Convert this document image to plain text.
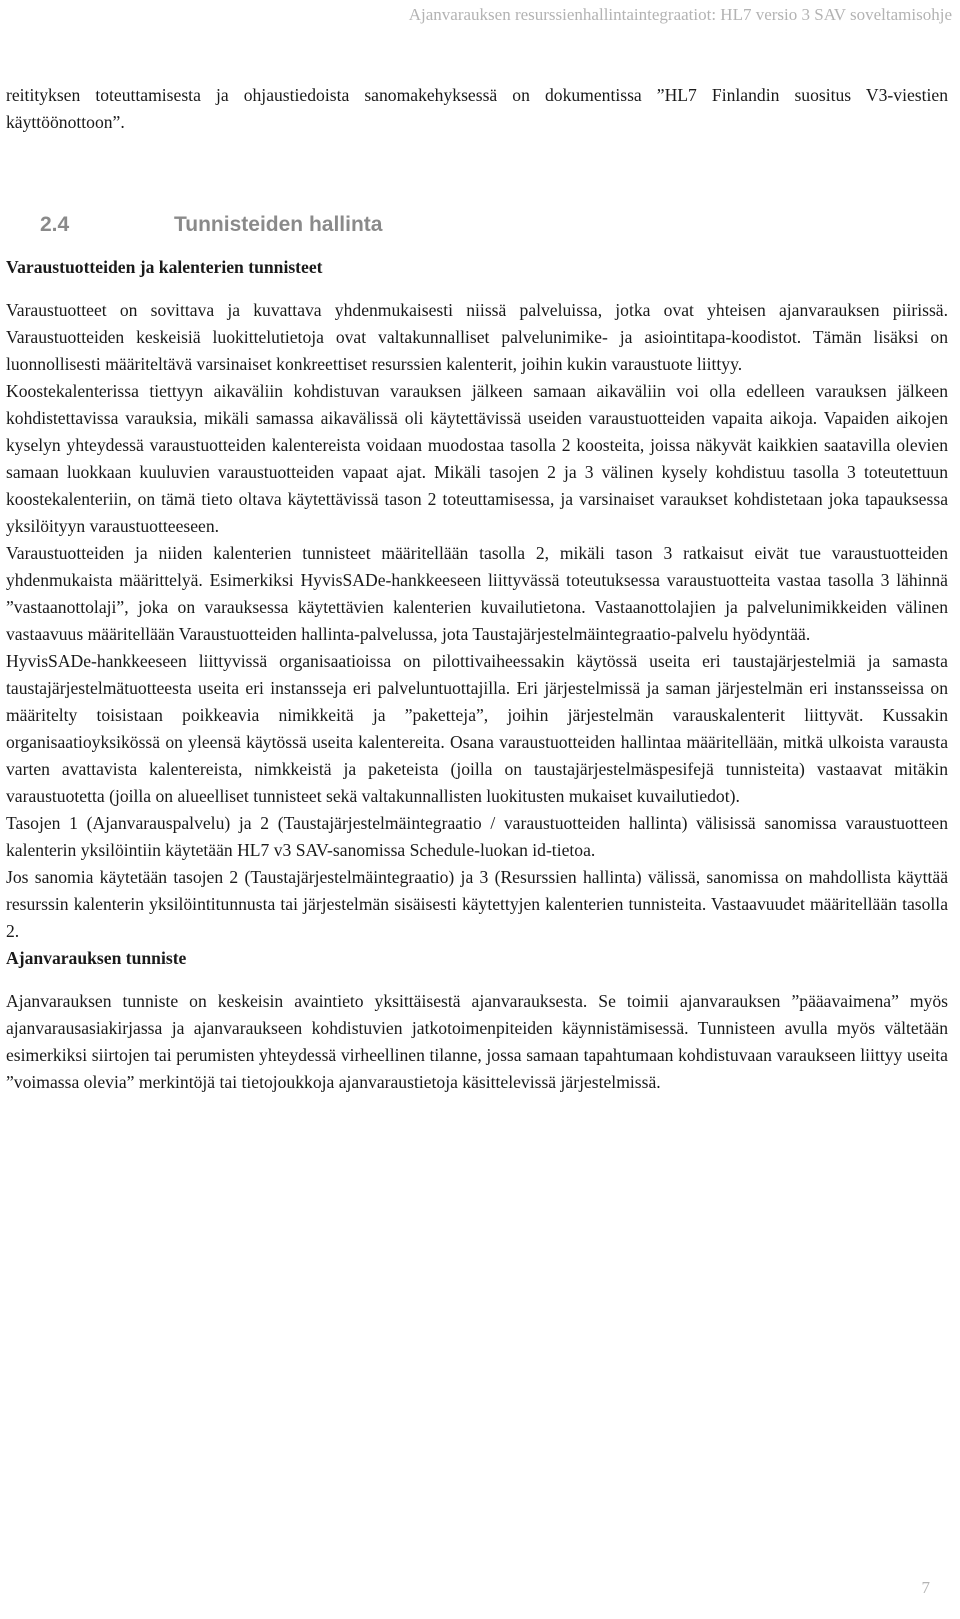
Ajanvarauksen resurssienhallintaintegraatiot: HL7 versio 3 SAV soveltamisohje

reitityksen toteuttamisesta ja ohjaustiedoista sanomakehyksessä on dokumentissa ”HL7 Finlandin suositus V3-viestien käyttöönottoon”.

2.4	Tunnisteiden hallinta
Varaustuotteiden ja kalenterien tunnisteet

Varaustuotteet on sovittava ja kuvattava yhdenmukaisesti niissä palveluissa, jotka ovat yhteisen ajanvarauksen piirissä. Varaustuotteiden keskeisiä luokittelutietoja ovat valtakunnalliset palvelunimike- ja asiointitapa-koodistot. Tämän lisäksi on luonnollisesti määriteltävä varsinaiset konkreettiset resurssien kalenterit, joihin kukin varaustuote liittyy.

Koostekalenterissa tiettyyn aikaväliin kohdistuvan varauksen jälkeen samaan aikaväliin voi olla edelleen varauksen jälkeen kohdistettavissa varauksia, mikäli samassa aikavälissä oli käytettävissä useiden varaustuotteiden vapaita aikoja. Vapaiden aikojen kyselyn yhteydessä varaustuotteiden kalentereista voidaan muodostaa tasolla 2 koosteita, joissa näkyvät kaikkien saatavilla olevien samaan luokkaan kuuluvien varaustuotteiden vapaat ajat. Mikäli tasojen 2 ja 3 välinen kysely kohdistuu tasolla 3 toteutettuun koostekalenteriin, on tämä tieto oltava käytettävissä tason 2 toteuttamisessa, ja varsinaiset varaukset kohdistetaan joka tapauksessa yksilöityyn varaustuotteeseen.

Varaustuotteiden ja niiden kalenterien tunnisteet määritellään tasolla 2, mikäli tason 3 ratkaisut eivät tue varaustuotteiden yhdenmukaista määrittelyä. Esimerkiksi HyvisSADe-hankkeeseen liittyvässä toteutuksessa varaustuotteita vastaa tasolla 3 lähinnä ”vastaanottolaji”, joka on varauksessa käytettävien kalenterien kuvailutietona. Vastaanottolajien ja palvelunimikkeiden välinen vastaavuus määritellään Varaustuotteiden hallinta-palvelussa, jota Taustajärjestelmäintegraatio-palvelu hyödyntää.

HyvisSADe-hankkeeseen liittyvissä organisaatioissa on pilottivaiheessakin käytössä useita eri taustajärjestelmiä ja samasta taustajärjestelmätuotteesta useita eri instansseja eri palveluntuottajilla. Eri järjestelmissä ja saman järjestelmän eri instansseissa on määritelty toisistaan poikkeavia nimikkeitä ja ”paketteja”, joihin järjestelmän varauskalenterit liittyvät. Kussakin organisaatioyksikössä on yleensä käytössä useita kalentereita. Osana varaustuotteiden hallintaa määritellään, mitkä ulkoista varausta varten avattavista kalentereista, nimkkeistä ja paketeista (joilla on taustajärjestelmäspesifejä tunnisteita) vastaavat mitäkin varaustuotetta (joilla on alueelliset tunnisteet sekä valtakunnallisten luokitusten mukaiset kuvailutiedot).

Tasojen 1 (Ajanvarauspalvelu) ja 2 (Taustajärjestelmäintegraatio / varaustuotteiden hallinta) välisissä sanomissa varaustuotteen kalenterin yksilöintiin käytetään HL7 v3 SAV-sanomissa Schedule-luokan id-tietoa.

Jos sanomia käytetään tasojen 2 (Taustajärjestelmäintegraatio) ja 3 (Resurssien hallinta) välissä, sanomissa on mahdollista käyttää resurssin kalenterin yksilöintitunnusta tai järjestelmän sisäisesti käytettyjen kalenterien tunnisteita. Vastaavuudet määritellään tasolla 2.

Ajanvarauksen tunniste

Ajanvarauksen tunniste on keskeisin avaintieto yksittäisestä ajanvarauksesta. Se toimii ajanvarauksen ”pääavaimena” myös ajanvarausasiakirjassa ja ajanvaraukseen kohdistuvien jatkotoimenpiteiden käynnistämisessä. Tunnisteen avulla myös vältetään esimerkiksi siirtojen tai perumisten yhteydessä virheellinen tilanne, jossa samaan tapahtumaan kohdistuvaan varaukseen liittyy useita ”voimassa olevia” merkintöjä tai tietojoukkoja ajanvaraustietoja käsittelevissä järjestelmissä.

7
